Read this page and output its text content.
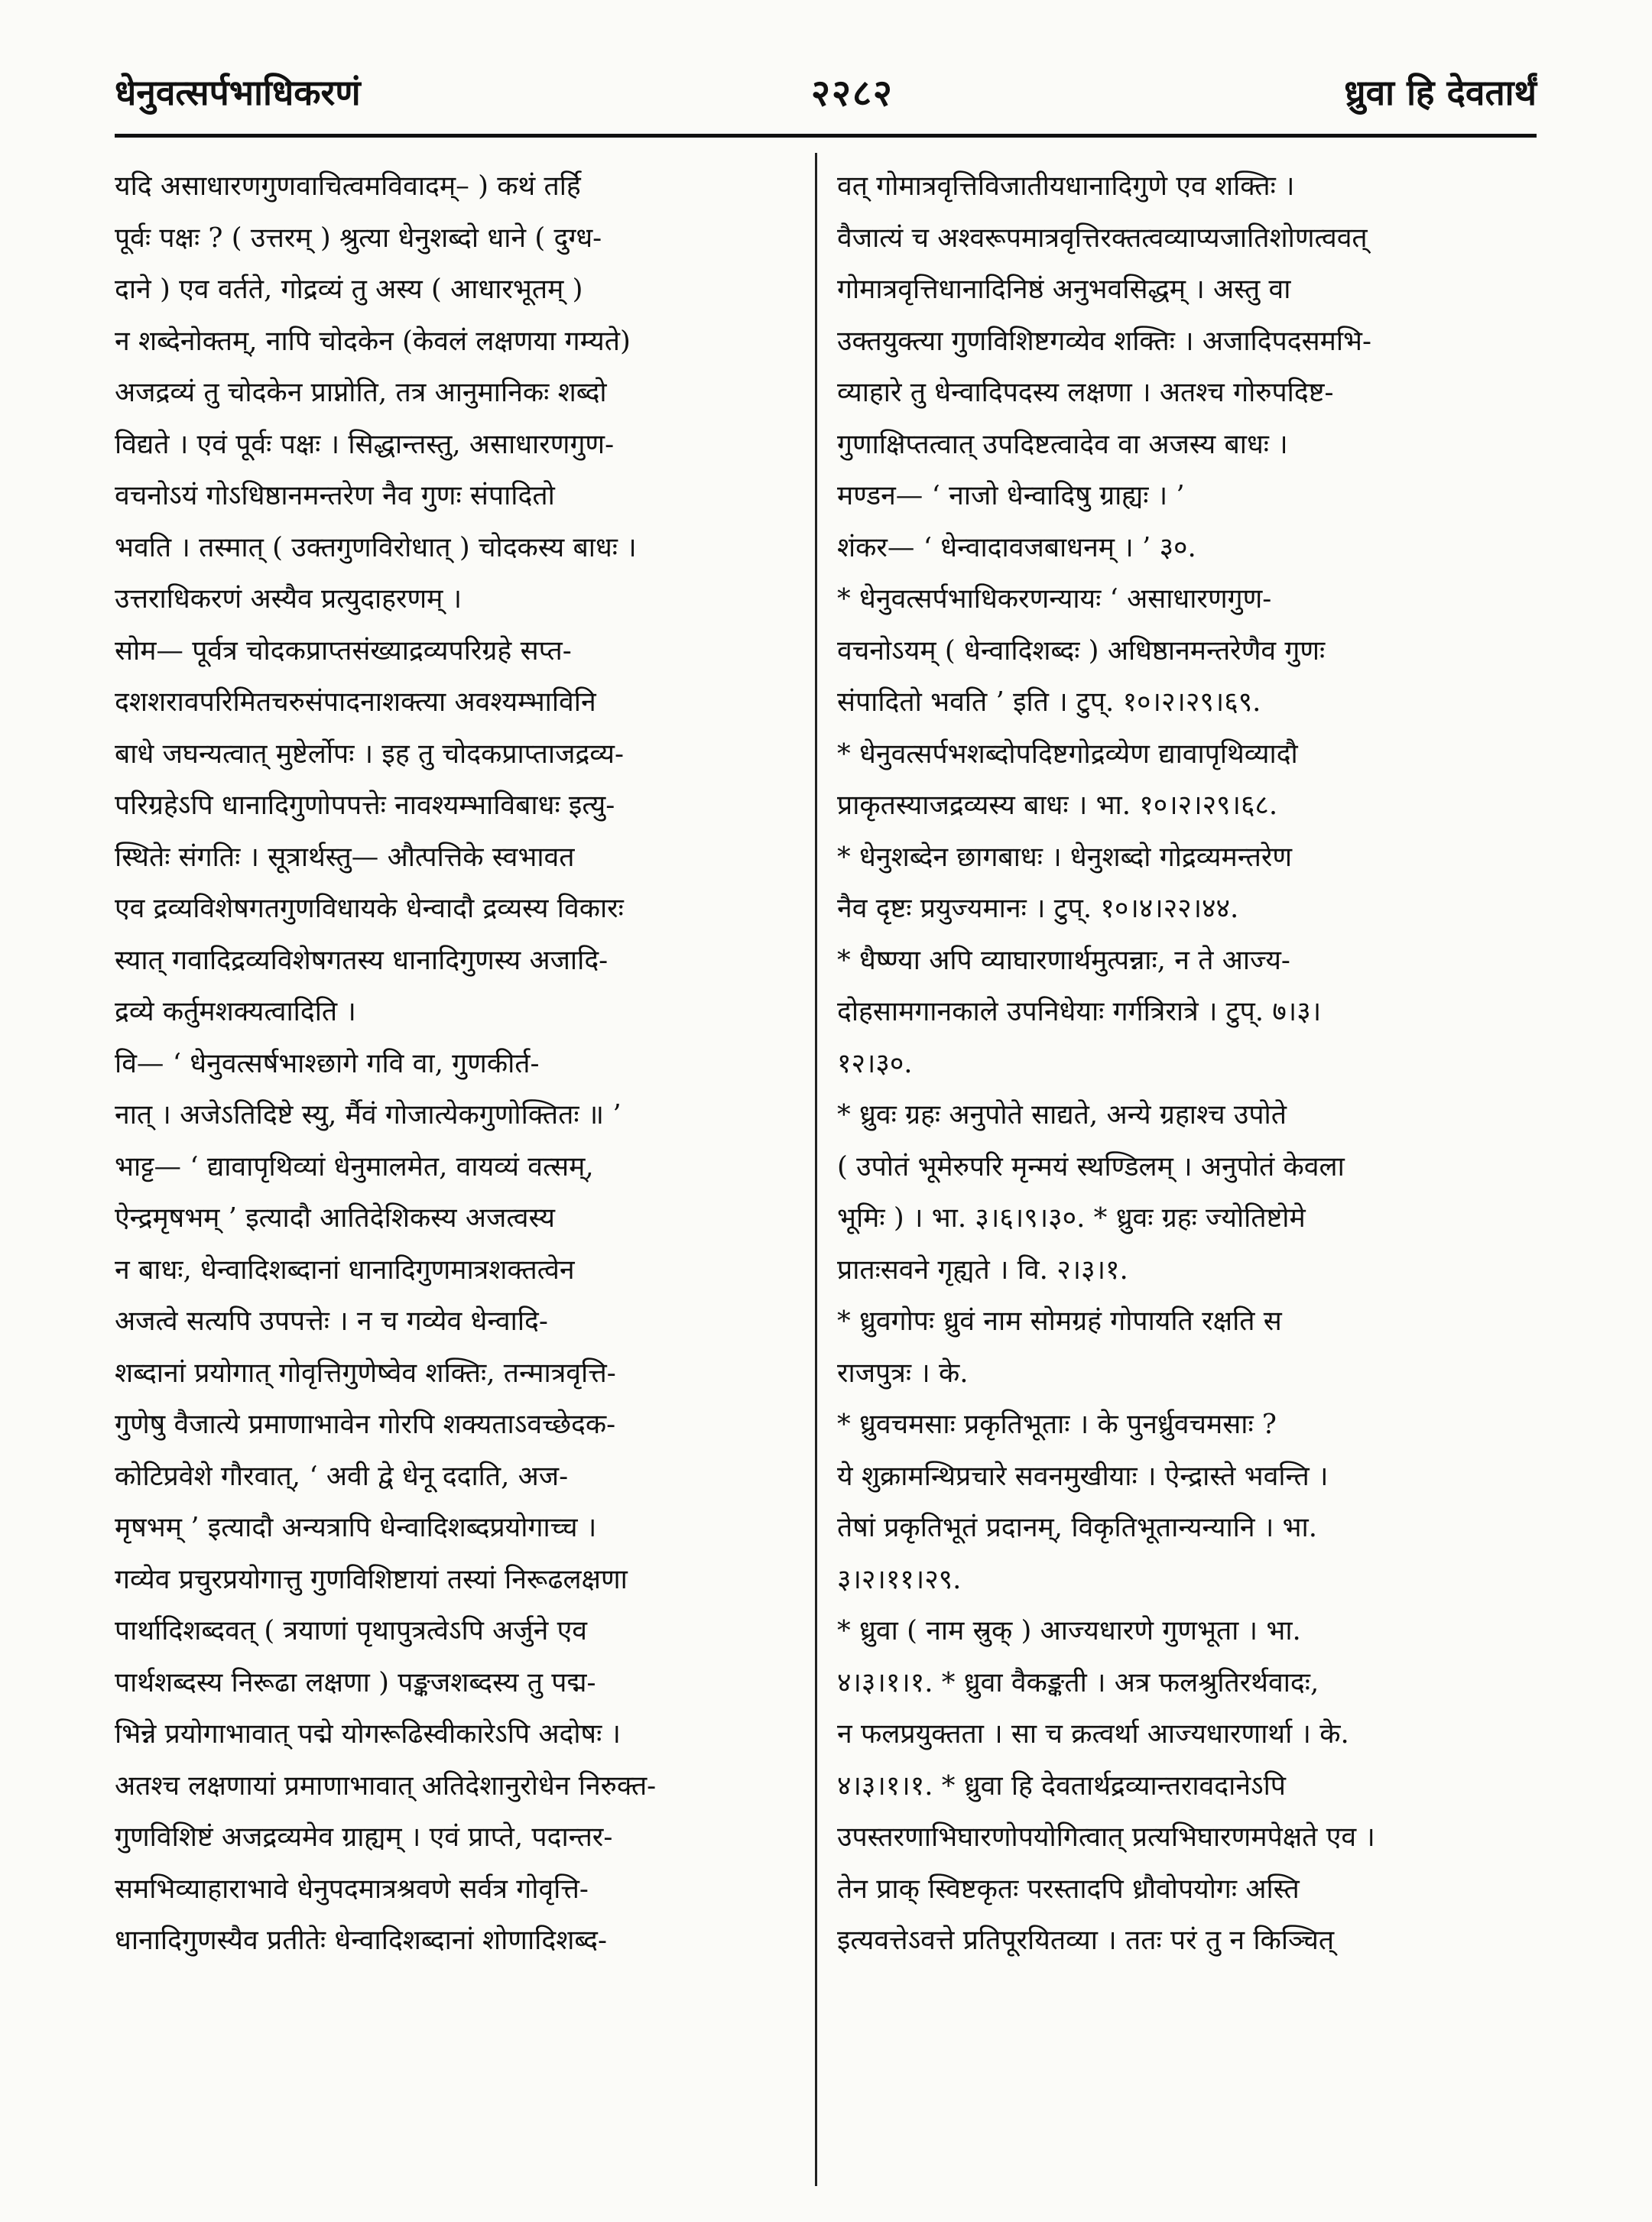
धेनुवत्सर्पभाधिकरणं	२२८२	ध्रुवा हि देवतार्थं
यदि असाधारणगुणवाचित्वमविवादम्– ) कथं तर्हि
पूर्वः पक्षः ? ( उत्तरम् ) श्रुत्या धेनुशब्दो धाने ( दुग्ध-
दाने ) एव वर्तते, गोद्रव्यं तु अस्य ( आधारभूतम् )
न शब्देनोक्तम्, नापि चोदकेन (केवलं लक्षणया गम्यते)
अजद्रव्यं तु चोदकेन प्राप्नोति, तत्र आनुमानिकः शब्दो
विद्यते । एवं पूर्वः पक्षः । सिद्धान्तस्तु, असाधारणगुण-
वचनोऽयं गोऽधिष्ठानमन्तरेण नैव गुणः संपादितो
भवति । तस्मात् ( उक्तगुणविरोधात् ) चोदकस्य बाधः ।
उत्तराधिकरणं अस्यैव प्रत्युदाहरणम् ।
सोम— पूर्वत्र चोदकप्राप्तसंख्याद्रव्यपरिग्रहे सप्त-
दशशरावपरिमितचरुसंपादनाशक्त्या अवश्यम्भाविनि
बाधे जघन्यत्वात् मुष्टेर्लोपः । इह तु चोदकप्राप्ताजद्रव्य-
परिग्रहेऽपि धानादिगुणोपपत्तेः नावश्यम्भाविबाधः इत्यु-
स्थितेः संगतिः । सूत्रार्थस्तु— औत्पत्तिके स्वभावत
एव द्रव्यविशेषगतगुणविधायके धेन्वादौ द्रव्यस्य विकारः
स्यात् गवादिद्रव्यविशेषगतस्य धानादिगुणस्य अजादि-
द्रव्ये कर्तुमशक्यत्वादिति ।
वि— ‘ धेनुवत्सर्षभाश्छागे गवि वा, गुणकीर्त-
नात् । अजेऽतिदिष्टे स्यु, र्मैवं गोजात्येकगुणोक्तितः ॥ ’
भाट्ट— ‘ द्यावापृथिव्यां धेनुमालमेत, वायव्यं वत्सम्,
ऐन्द्रमृषभम् ’ इत्यादौ आतिदेशिकस्य अजत्वस्य
न बाधः, धेन्वादिशब्दानां धानादिगुणमात्रशक्तत्वेन
अजत्वे सत्यपि उपपत्तेः । न च गव्येव धेन्वादि-
शब्दानां प्रयोगात् गोवृत्तिगुणेष्वेव शक्तिः, तन्मात्रवृत्ति-
गुणेषु वैजात्ये प्रमाणाभावेन गोरपि शक्यताऽवच्छेदक-
कोटिप्रवेशे गौरवात्, ‘ अवी द्वे धेनू ददाति, अज-
मृषभम् ’ इत्यादौ अन्यत्रापि धेन्वादिशब्दप्रयोगाच्च ।
गव्येव प्रचुरप्रयोगात्तु गुणविशिष्टायां तस्यां निरूढलक्षणा
पार्थादिशब्दवत् ( त्रयाणां पृथापुत्रत्वेऽपि अर्जुने एव
पार्थशब्दस्य निरूढा लक्षणा ) पङ्कजशब्दस्य तु पद्म-
भिन्ने प्रयोगाभावात् पद्मे योगरूढिस्वीकारेऽपि अदोषः ।
अतश्च लक्षणायां प्रमाणाभावात् अतिदेशानुरोधेन निरुक्त-
गुणविशिष्टं अजद्रव्यमेव ग्राह्यम् । एवं प्राप्ते, पदान्तर-
समभिव्याहाराभावे धेनुपदमात्रश्रवणे सर्वत्र गोवृत्ति-
धानादिगुणस्यैव प्रतीतेः धेन्वादिशब्दानां शोणादिशब्द-
वत् गोमात्रवृत्तिविजातीयधानादिगुणे एव शक्तिः ।
वैजात्यं च अश्वरूपमात्रवृत्तिरक्तत्वव्याप्यजातिशोणत्ववत्
गोमात्रवृत्तिधानादिनिष्ठं अनुभवसिद्धम् । अस्तु वा
उक्तयुक्त्या गुणविशिष्टगव्येव शक्तिः । अजादिपदसमभि-
व्याहारे तु धेन्वादिपदस्य लक्षणा । अतश्च गोरुपदिष्ट-
गुणाक्षिप्तत्वात् उपदिष्टत्वादेव वा अजस्य बाधः ।
मण्डन— ‘ नाजो धेन्वादिषु ग्राह्यः । ’
शंकर— ‘ धेन्वादावजबाधनम् । ’ ३०.
* धेनुवत्सर्पभाधिकरणन्यायः ‘ असाधारणगुण-
वचनोऽयम् ( धेन्वादिशब्दः ) अधिष्ठानमन्तरेणैव गुणः
संपादितो भवति ’ इति । टुप्. १०।२।२९।६९.
* धेनुवत्सर्पभशब्दोपदिष्टगोद्रव्येण द्यावापृथिव्यादौ
प्राकृतस्याजद्रव्यस्य बाधः । भा. १०।२।२९।६८.
* धेनुशब्देन छागबाधः । धेनुशब्दो गोद्रव्यमन्तरेण
नैव दृष्टः प्रयुज्यमानः । टुप्. १०।४।२२।४४.
* धैष्ण्या अपि व्याघारणार्थमुत्पन्नाः, न ते आज्य-
दोहसामगानकाले उपनिधेयाः गर्गत्रिरात्रे । टुप्. ७।३।
१२।३०.
* ध्रुवः ग्रहः अनुपोते साद्यते, अन्ये ग्रहाश्च उपोते
( उपोतं भूमेरुपरि मृन्मयं स्थण्डिलम् । अनुपोतं केवला
भूमिः ) । भा. ३।६।९।३०. * ध्रुवः ग्रहः ज्योतिष्टोमे
प्रातःसवने गृह्यते । वि. २।३।१.
* ध्रुवगोपः ध्रुवं नाम सोमग्रहं गोपायति रक्षति स
राजपुत्रः । के.
* ध्रुवचमसाः प्रकृतिभूताः । के पुनर्ध्रुवचमसाः ?
ये शुक्रामन्थिप्रचारे सवनमुखीयाः । ऐन्द्रास्ते भवन्ति ।
तेषां प्रकृतिभूतं प्रदानम्, विकृतिभूतान्यन्यानि । भा.
३।२।११।२९.
* ध्रुवा ( नाम स्रुक् ) आज्यधारणे गुणभूता । भा.
४।३।१।१. * ध्रुवा वैकङ्कती । अत्र फलश्रुतिरर्थवादः,
न फलप्रयुक्तता । सा च क्रत्वर्था आज्यधारणार्था । के.
४।३।१।१. * ध्रुवा हि देवतार्थद्रव्यान्तरावदानेऽपि
उपस्तरणाभिघारणोपयोगित्वात् प्रत्यभिघारणमपेक्षते एव ।
तेन प्राक् स्विष्टकृतः परस्तादपि ध्रौवोपयोगः अस्ति
इत्यवत्तेऽवत्ते प्रतिपूरयितव्या । ततः परं तु न किञ्चित्
